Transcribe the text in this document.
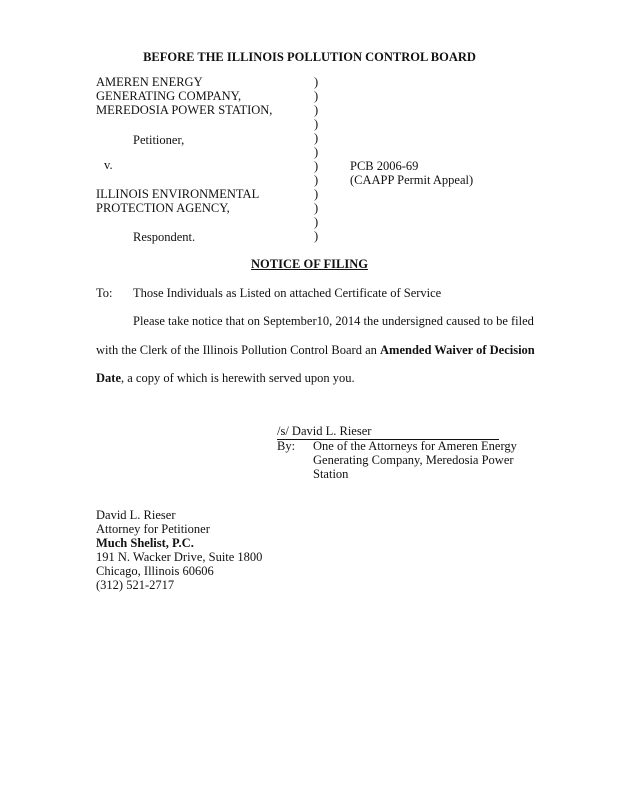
BEFORE THE ILLINOIS POLLUTION CONTROL BOARD
AMEREN ENERGY
GENERATING COMPANY,
MEREDOSIA POWER STATION,
Petitioner,
v.
ILLINOIS ENVIRONMENTAL
PROTECTION AGENCY,
Respondent.
)
)
)
)
)
)
)
)
)
)
)
)
PCB 2006-69
(CAAPP Permit Appeal)
NOTICE OF FILING
To: Those Individuals as Listed on attached Certificate of Service
Please take notice that on September10, 2014 the undersigned caused to be filed
with the Clerk of the Illinois Pollution Control Board an Amended Waiver of Decision
Date, a copy of which is herewith served upon you.
/s/ David L. Rieser
By: One of the Attorneys for Ameren Energy
Generating Company, Meredosia Power
Station
David L. Rieser
Attorney for Petitioner
Much Shelist, P.C.
191 N. Wacker Drive, Suite 1800
Chicago, Illinois 60606
(312) 521-2717
